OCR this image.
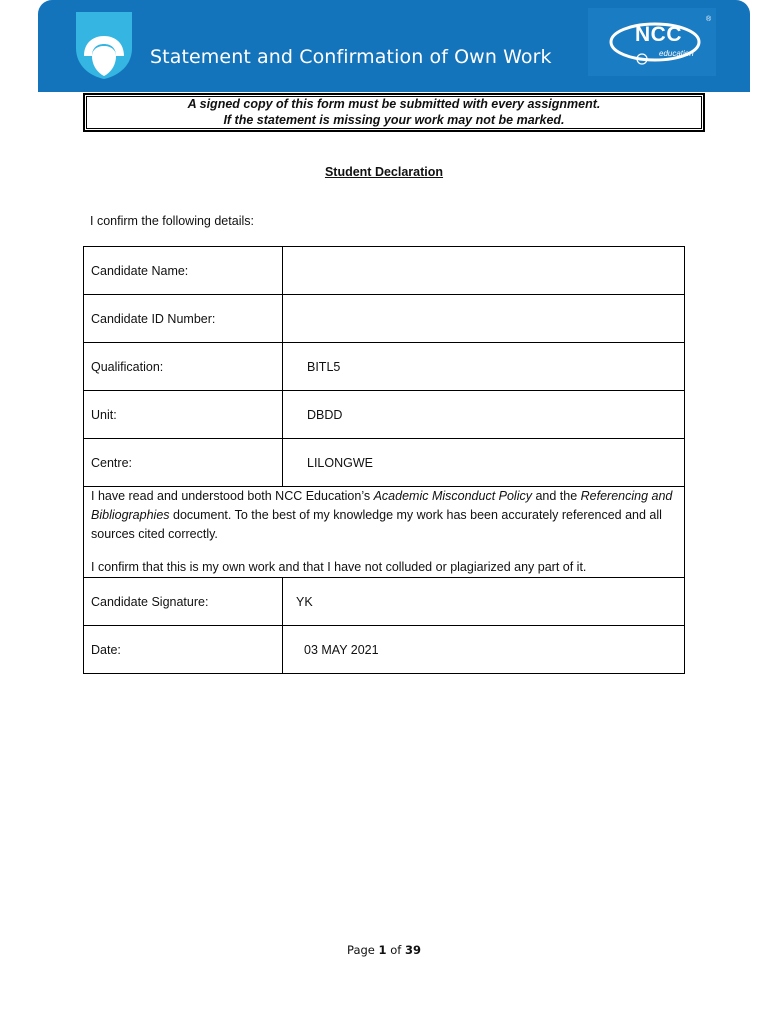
Statement and Confirmation of Own Work
NCC
education
®
A signed copy of this form must be submitted with every assignment.
If the statement is missing your work may not be marked.
Student Declaration
I confirm the following details:
Candidate Name:	
Candidate ID Number:	
Qualification:	BITL5
Unit:	DBDD
Centre:	LILONGWE

I have read and understood both NCC Education’s Academic Misconduct Policy and the Referencing and Bibliographies document. To the best of my knowledge my work has been accurately referenced and all sources cited correctly.

I confirm that this is my own work and that I have not colluded or plagiarized any part of it.	

Candidate Signature:	YK
Date:	03 MAY 2021
Page 1 of 39
